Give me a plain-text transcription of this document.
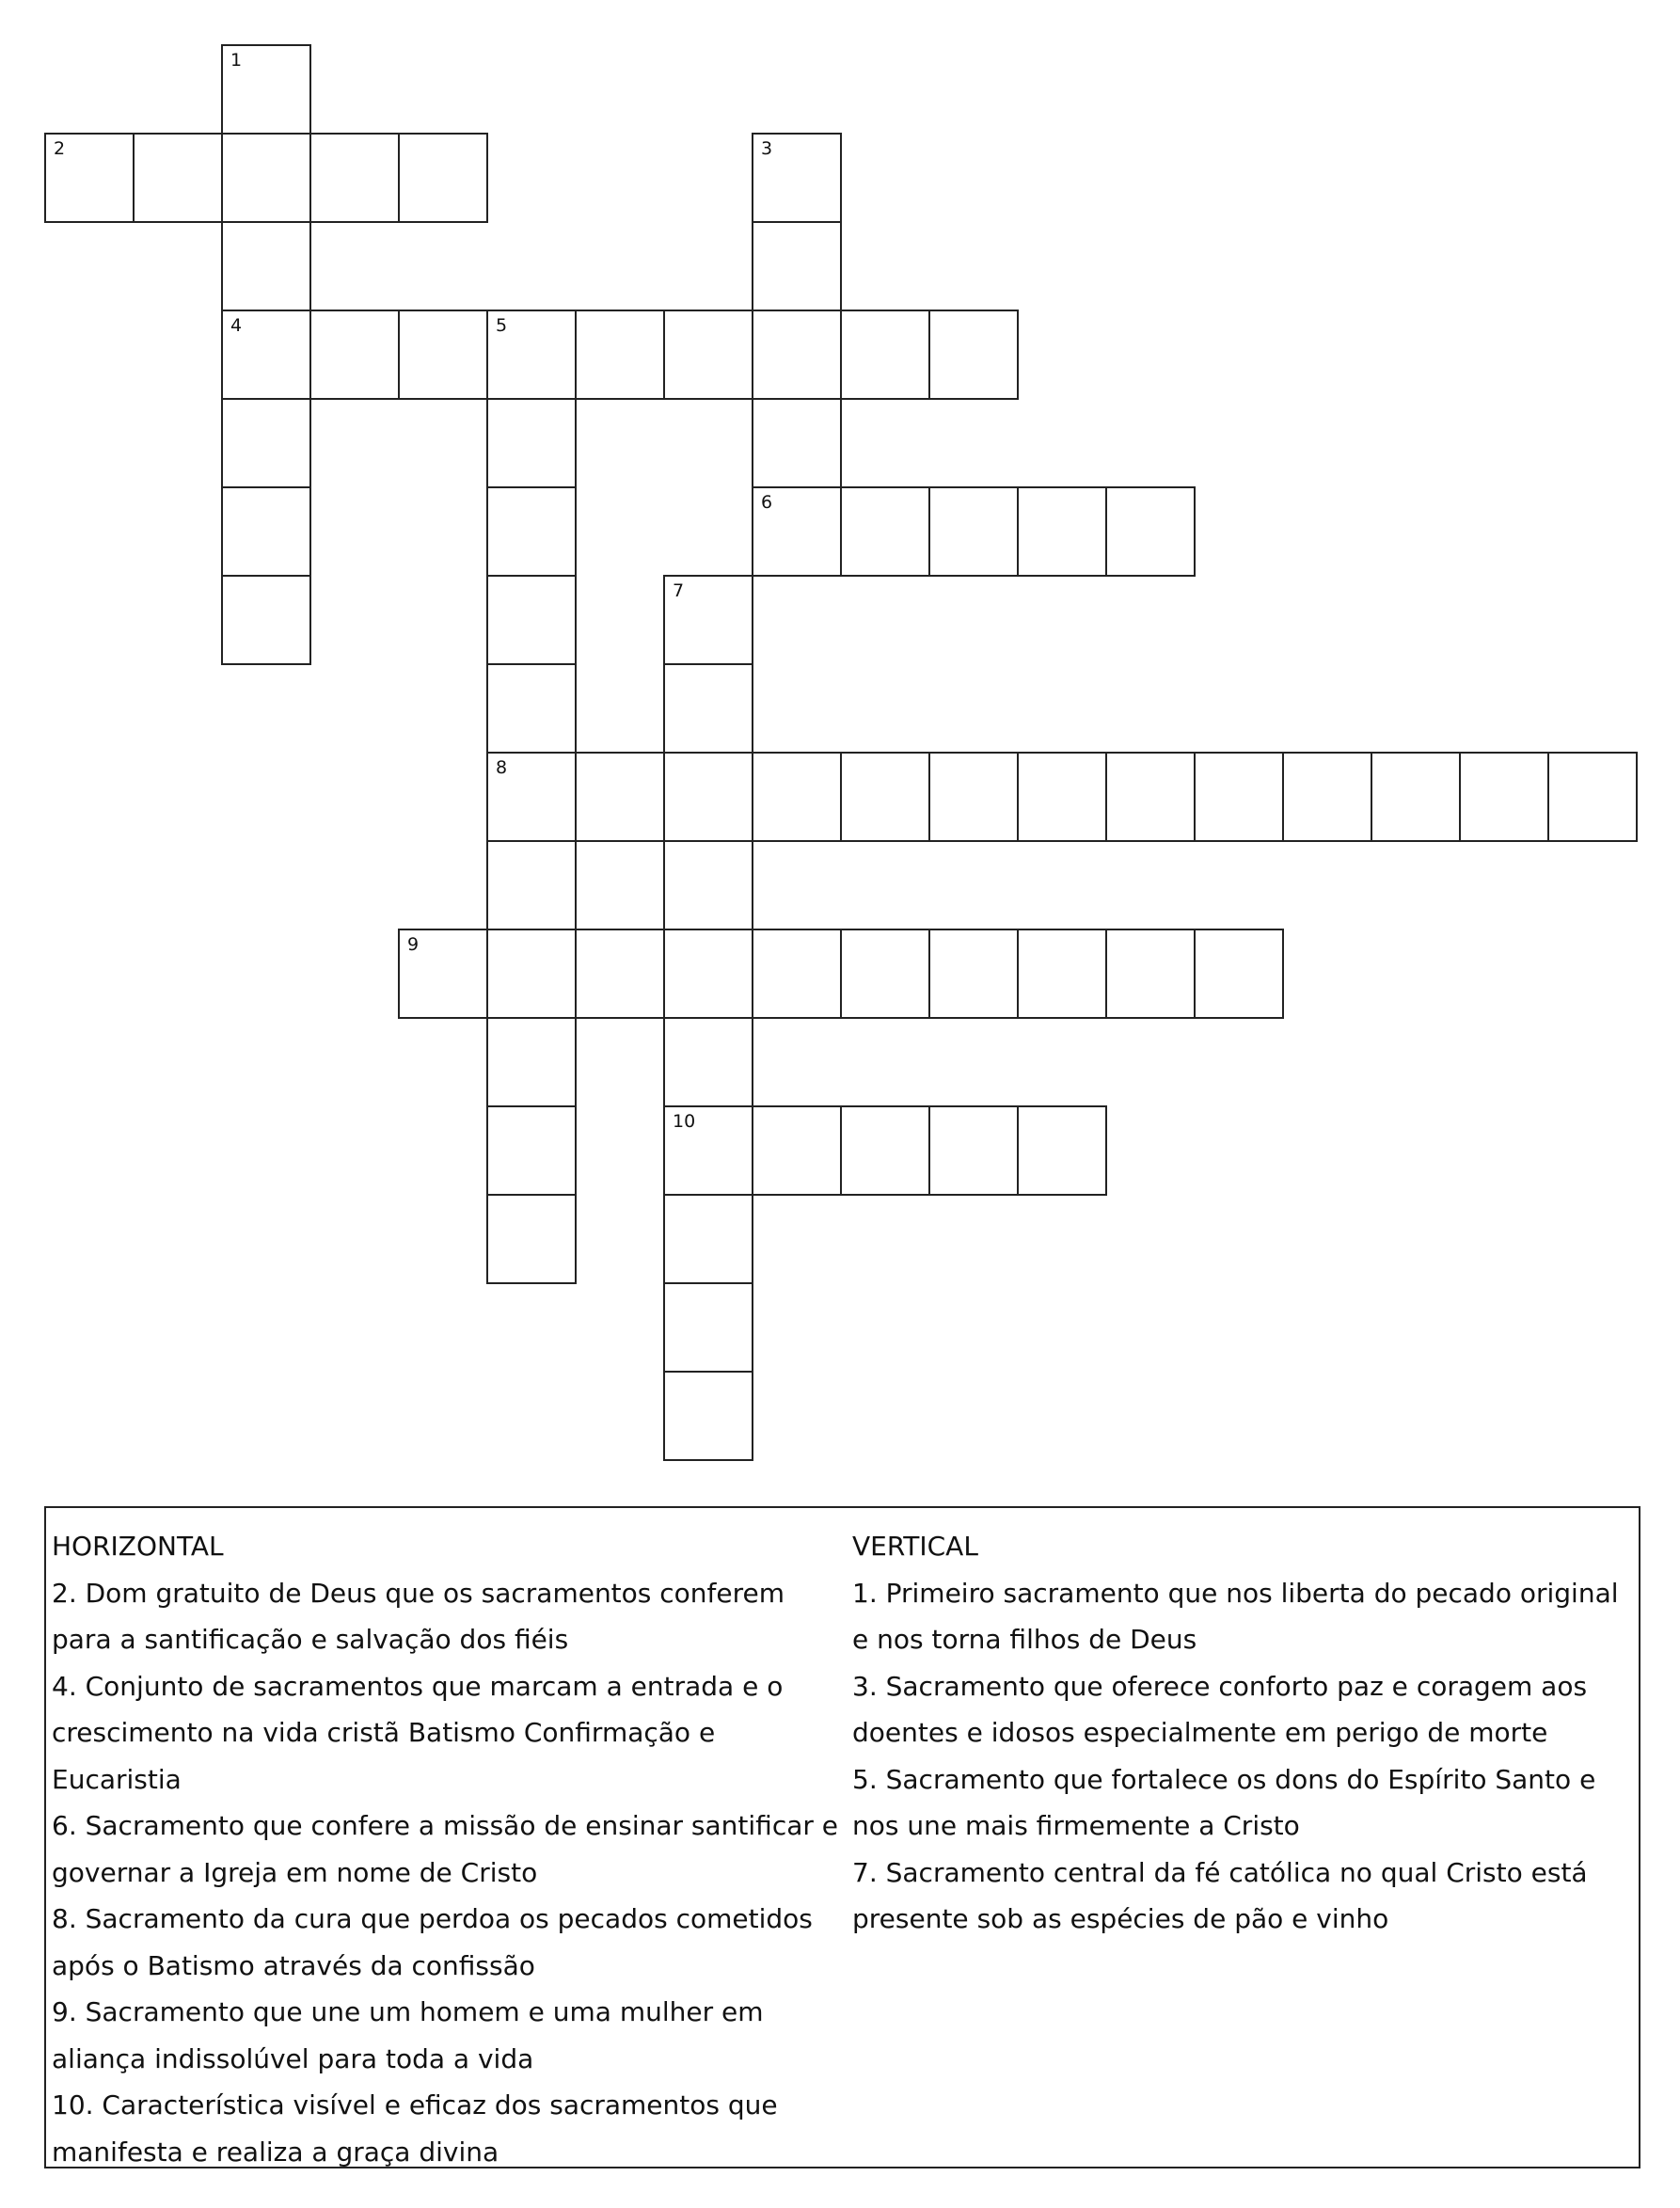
2
4	5
6
8
9
10
1
3
7

HORIZONTAL

2. Dom gratuito de Deus que os sacramentos conferem para a santificação e salvação dos fiéis

4. Conjunto de sacramentos que marcam a entrada e o crescimento na vida cristã Batismo Confirmação e Eucaristia

6. Sacramento que confere a missão de ensinar santificar e governar a Igreja em nome de Cristo

8. Sacramento da cura que perdoa os pecados cometidos após o Batismo através da confissão

9. Sacramento que une um homem e uma mulher em aliança indissolúvel para toda a vida

10. Característica visível e eficaz dos sacramentos que manifesta e realiza a graça divina

VERTICAL

1. Primeiro sacramento que nos liberta do pecado original e nos torna filhos de Deus

3. Sacramento que oferece conforto paz e coragem aos doentes e idosos especialmente em perigo de morte

5. Sacramento que fortalece os dons do Espírito Santo e nos une mais firmemente a Cristo

7. Sacramento central da fé católica no qual Cristo está presente sob as espécies de pão e vinho
